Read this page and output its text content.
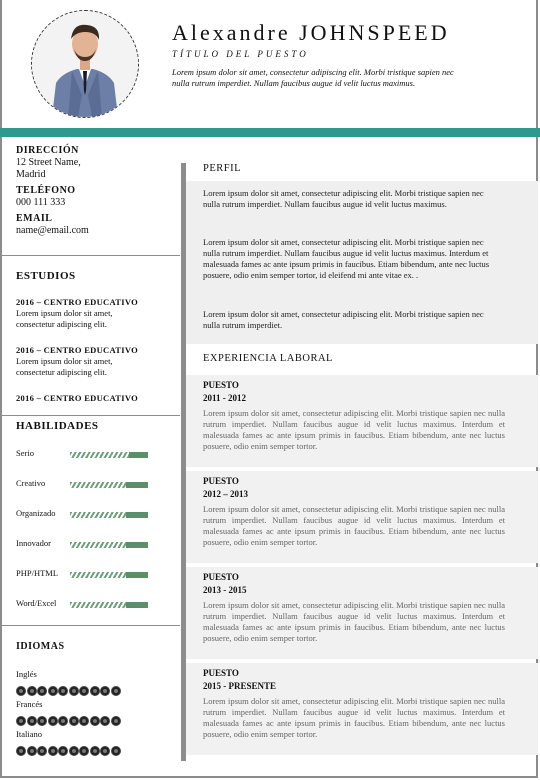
Alexandre JOHNSPEED
TÍTULO DEL PUESTO
Lorem ipsum dolor sit amet, consectetur adipiscing elit. Morbi tristique sapien nec nulla rutrum imperdiet. Nullam faucibus augue id velit luctus maximus.
DIRECCIÓN
12 Street Name,
Madrid
TELÉFONO
000 111 333
EMAIL
name@email.com
ESTUDIOS
2016 – CENTRO EDUCATIVO
Lorem ipsum dolor sit amet,
consectetur adipiscing elit.
2016 – CENTRO EDUCATIVO
Lorem ipsum dolor sit amet,
consectetur adipiscing elit.
2016 – CENTRO EDUCATIVO
HABILIDADES
Serio
Creativo
Organizado
Innovador
PHP/HTML
Word/Excel
IDIOMAS
Inglés
Francés
Italiano
PERFIL
Lorem ipsum dolor sit amet, consectetur adipiscing elit. Morbi tristique sapien nec nulla rutrum imperdiet. Nullam faucibus augue id velit luctus maximus.
Lorem ipsum dolor sit amet, consectetur adipiscing elit. Morbi tristique sapien nec nulla rutrum imperdiet. Nullam faucibus augue id velit luctus maximus. Interdum et malesuada fames ac ante ipsum primis in faucibus. Etiam bibendum, ante nec luctus posuere, odio enim semper tortor, id eleifend mi ante vitae ex. .
Lorem ipsum dolor sit amet, consectetur adipiscing elit. Morbi tristique sapien nec nulla rutrum imperdiet.
EXPERIENCIA LABORAL
PUESTO
2011 - 2012
Lorem ipsum dolor sit amet, consectetur adipiscing elit. Morbi tristique sapien nec nulla rutrum imperdiet. Nullam faucibus augue id velit luctus maximus. Interdum et malesuada fames ac ante ipsum primis in faucibus. Etiam bibendum, ante nec luctus posuere, odio enim semper tortor.
PUESTO
2012 – 2013
Lorem ipsum dolor sit amet, consectetur adipiscing elit. Morbi tristique sapien nec nulla rutrum imperdiet. Nullam faucibus augue id velit luctus maximus. Interdum et malesuada fames ac ante ipsum primis in faucibus. Etiam bibendum, ante nec luctus posuere, odio enim semper tortor.
PUESTO
2013 - 2015
Lorem ipsum dolor sit amet, consectetur adipiscing elit. Morbi tristique sapien nec nulla rutrum imperdiet. Nullam faucibus augue id velit luctus maximus. Interdum et malesuada fames ac ante ipsum primis in faucibus. Etiam bibendum, ante nec luctus posuere, odio enim semper tortor.
PUESTO
2015 - PRESENTE
Lorem ipsum dolor sit amet, consectetur adipiscing elit. Morbi tristique sapien nec nulla rutrum imperdiet. Nullam faucibus augue id velit luctus maximus. Interdum et malesuada fames ac ante ipsum primis in faucibus. Etiam bibendum, ante nec luctus posuere, odio enim semper tortor.
